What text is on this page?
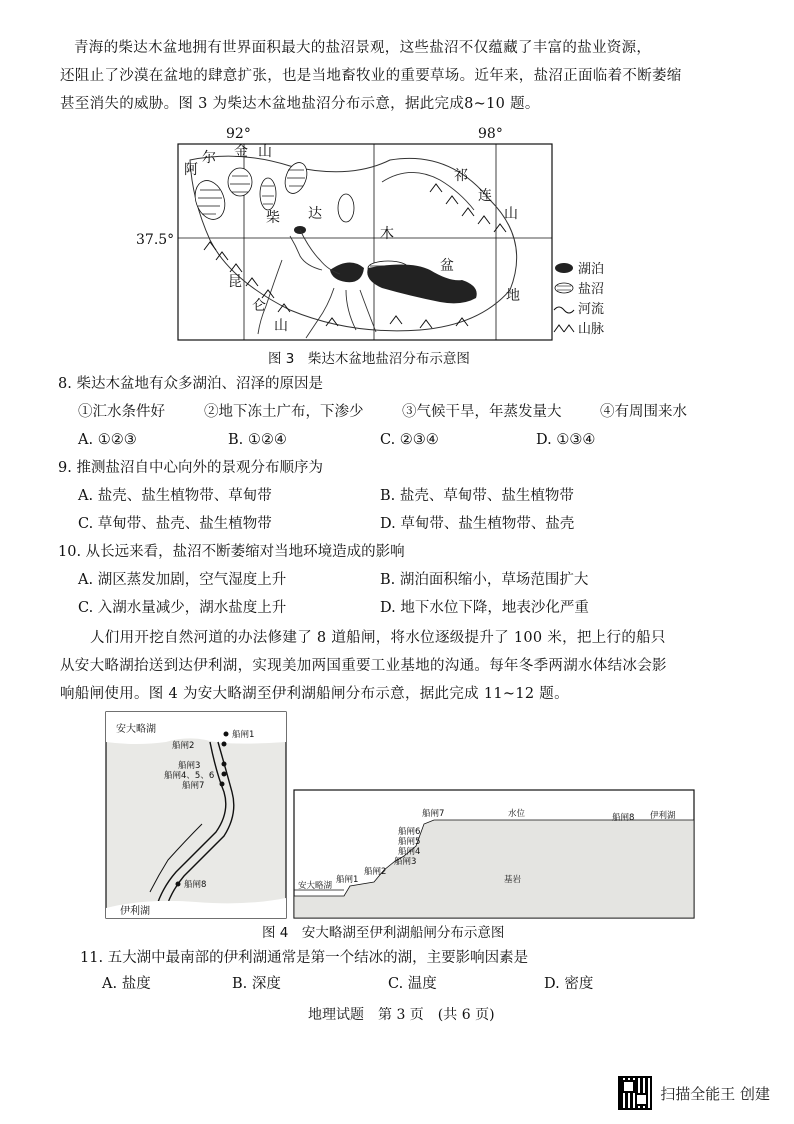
青海的柴达木盆地拥有世界面积最大的盐沼景观，这些盐沼不仅蕴藏了丰富的盐业资源，
还阻止了沙漠在盆地的肆意扩张，也是当地畜牧业的重要草场。近年来，盐沼正面临着不断萎缩
甚至消失的威胁。图 3 为柴达木盆地盐沼分布示意，据此完成8~10 题。
92°	98°
37.5°
阿
尔 金 山
柴 达
木
盆
地
祁
连
山
昆
仑
山
湖泊
盐沼
河流
山脉
图 3　柴达木盆地盐沼分布示意图
8. 柴达木盆地有众多湖泊、沼泽的原因是
①汇水条件好	②地下冻土广布，下渗少	③气候干旱，年蒸发量大	④有周围来水
A. ①②③	B. ①②④	C. ②③④	D. ①③④
9. 推测盐沼自中心向外的景观分布顺序为
A. 盐壳、盐生植物带、草甸带	B. 盐壳、草甸带、盐生植物带
C. 草甸带、盐壳、盐生植物带	D. 草甸带、盐生植物带、盐壳
10. 从长远来看，盐沼不断萎缩对当地环境造成的影响
A. 湖区蒸发加剧，空气湿度上升	B. 湖泊面积缩小，草场范围扩大
C. 入湖水量减少，湖水盐度上升	D. 地下水位下降，地表沙化严重
人们用开挖自然河道的办法修建了 8 道船闸，将水位逐级提升了 100 米，把上行的船只
从安大略湖抬送到达伊利湖，实现美加两国重要工业基地的沟通。每年冬季两湖水体结冰会影
响船闸使用。图 4 为安大略湖至伊利湖船闸分布示意，据此完成 11~12 题。
安大略湖
伊利湖
船闸1
船闸2
船闸3
船闸4、5、6
船闸7
船闸8	安大略湖
伊利湖
水位
基岩
船闸1
船闸2
船闸3
船闸4
船闸5
船闸6
船闸7	船闸8
图 4　安大略湖至伊利湖船闸分布示意图
11. 五大湖中最南部的伊利湖通常是第一个结冰的湖，主要影响因素是
A. 盐度	B. 深度	C. 温度	D. 密度
地理试题　第 3 页　(共 6 页)
扫描全能王 创建
